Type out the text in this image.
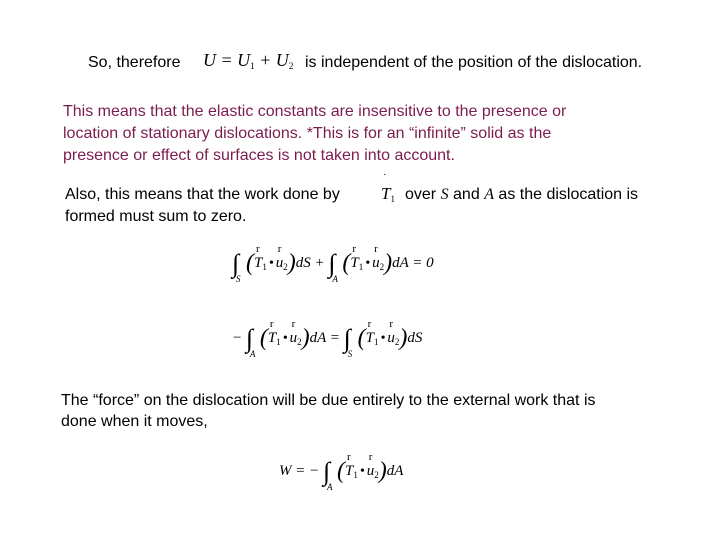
So, therefore $U = U_1 + U_2$ is independent of the position of the dislocation.
This means that the elastic constants are insensitive to the presence or
location of stationary dislocations. *This is for an “infinite” solid as the
presence or effect of surfaces is not taken into account.
Also, this means that the work done by
˙
$T_1$ over S and A as the dislocation is
formed must sum to zero.
∫
S
(
r
$T_1$ •
r
$u_2)dS$ + ∫
A
(
r
$T_1$ •
r
$u_2)dA = 0$
− ∫
A
(
r
$T_1$ •
r
$u_2)dA$ = ∫
S
(
r
$T_1$ •
r
$u_2)dS$
The “force” on the dislocation will be due entirely to the external work that is
done when it moves,
W = − ∫
A
(
r
$T_1$ •
r
$u_2)dA$
